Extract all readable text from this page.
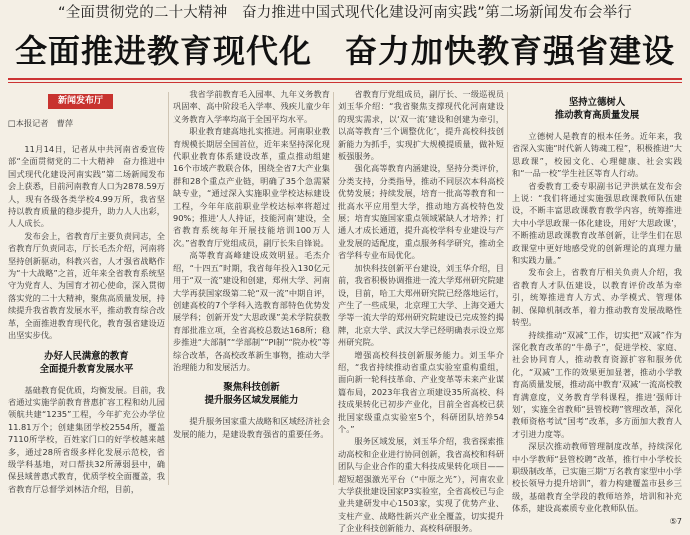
“全面贯彻党的二十大精神　奋力推进中国式现代化建设河南实践”第二场新闻发布会举行
全面推进教育现代化　奋力加快教育强省建设
新闻发布厅
□本报记者　曹萍

11月14日，记者从中共河南省委宣传部“全面贯彻党的二十大精神　奋力推进中国式现代化建设河南实践”第二场新闻发布会上获悉，目前河南教育人口为2878.59万人，现有各级各类学校4.99万所，我省坚持以教育质量的稳步提升，助力人人出彩，人人成长。

发布会上，省教育厅主要负责同志，全省教育厅负责同志，厅长毛杰介绍，河南将坚持创新驱动，科教兴省，人才强省战略作为“十大战略”之首，近年来全省教育系统坚守为党育人、为国育才初心使命，深入贯彻落实党的二十大精神，聚焦高质量发展，持续提升我省教育发展水平，推动教育综合改革，全面推进教育现代化，教育强省建设迈出坚实步伐。

办好人民满意的教育
全面提升教育发展水平

基础教育促优质，均衡发展。目前，我省通过实施学前教育普惠扩容工程和幼儿园领航共建“1235”工程，今年扩充公办学位11.81万个；创建集团学校2554所，覆盖7110所学校，百姓家门口的好学校越来越多，通过28所省级多样化发展示范校，省级学科基地，对口帮扶32所薄弱县中，确保县域普惠式教育，优质学校全面覆盖，我省教育厅总督学刘林洁介绍，目前，

我省学前教育毛入园率、九年义务教育巩固率、高中阶段毛入学率、残疾儿童少年义务教育入学率均高于全国平均水平。

职业教育建高地扎实推进。河南职业教育规模长期居全国首位，近年来坚持深化现代职业教育体系建设改革，重点推动组建16个市域产教联合体，围绕全省7大产业集群和28个重点产业链，明确了35个急需紧缺专业，“通过深入实施职业学校达标建设工程，今年年底前职业学校达标率将超过90%；推进‘人人持证，技能河南’建设，全省教育系统每年开展技能培训100万人次。”省教育厅党组成员，副厅长朱自锋说。

高等教育高峰建设成效明显。毛杰介绍，“十四五”时期，我省每年投入130亿元用于“双一流”建设和创建，郑州大学、河南大学再获国家级第二轮“双一流”中期自评，创建高校的7个学科入选教育部特色优势发展学科；创新开发“大思政课”美术学院获教育部批准立项，全省高校总数达168所；稳步推进“大部制”“学部制”“PI制”“院办校”等综合改革，各高校改革新生事物，推动大学治理能力和发展活力。

聚焦科技创新
提升服务区域发展能力

提升服务国家重大战略和区域经济社会发展的能力，是建设教育强省的重要任务。

省教育厅党组成员，副厅长、一级巡视员刘玉华介绍：“我省聚焦支撑现代化河南建设的现实需求，以‘双一流’建设和创建为牵引，以高等教育‘三个调整优化’，提升高校科技创新能力为抓手，实现扩大规模提质量，做补短板强服务。

强化高等教育内涵建设，坚持分类评价，分类支持，分类指导，推动不同层次本科高校优势发展；持续发展，培育一批高等教育和一批高水平应用型大学，推动地方高校特色发展；培育实施国家重点领域紧缺人才培养；打通人才成长通道，提升高校学科专业建设与产业发展的适配度，重点服务科学研究，推动全省学科专业布局优化。

加快科技创新平台建设，刘玉华介绍，目前，我省积极协调推进一流大学郑州研究院建设，目前，哈工大郑州研究院已经落地运行，产生了一些成果，北京理工大学、上海交通大学等一流大学的郑州研究院建设已完成签约揭牌，北京大学、武汉大学已经明确表示设立郑州研究院。

增强高校科技创新服务能力。刘玉华介绍，“我省持续推动省重点实验室重构重组，面向新一轮科技革命、产业变革等未来产业谋篇布局，2023年我省立项建设35所高校、科技成果转化已初步产业化，目前全省高校已获批国家级重点实验室5个，科研团队培养54个。”

服务区域发展，刘玉华介绍，我省探索推动高校和企业进行协同创新，我省高校和科研团队与企业合作的重大科技成果转化项目——超短超强激光平台（“中原之光”），河南农业大学获批建设国家P3实验室，全省高校已与企业共建研发中心1503家，实现了优势产业、支柱产业、战略性新兴产业全覆盖，切实提升了企业科技创新能力、高校科研服务。

坚持立德树人
推动教育高质量发展

立德树人是教育的根本任务。近年来，我省深入实施“时代新人铸魂工程”，积极推进“大思政课”，校园文化、心理健康、社会实践和“一品一校”学生社区等育人行动。

省委教育工委专职副书记尹洪斌在发布会上说：“我们将通过实施强思政课教师队伍建设，不断丰富思政课教育教学内容，统筹推进大中小学思政课一体化建设，用好‘大思政课’，不断推动思政课教育改革创新，让学生们在思政课堂中更好地感受党的创新理论的真理力量和实践力量。”

发布会上，省教育厅相关负责人介绍，我省教育人才队伍建设，以教育评价改革为牵引，统筹推进育人方式、办学模式、管理体制、保障机制改革，着力推动教育发展战略性转型。

持续推动“双减”工作，切实把“双减”作为深化教育改革的“牛鼻子”，促进学校、家庭、社会协同育人，推动教育资源扩容和服务优化，“双减”工作的效果更加显著，推动小学教育高质量发展，推动高中教育‘双减’一流高校教育满意度，义务教育学科课程，推进‘强师计划’，实施全省教师“县管校聘”管理改革，深化教师资格考试“国考”改革，多方面加大教育人才引进力度等。

深层次推动教师管理制度改革，持续深化中小学教师“县管校聘”改革，推行中小学校长职级制改革，已实施三期“万名教育家型中小学校长领导力提升培训”，着力构建覆盖市县乡三级，基础教育全学段的教师培养，培训和补充体系，建设高素质专业化教师队伍。

⑤7
